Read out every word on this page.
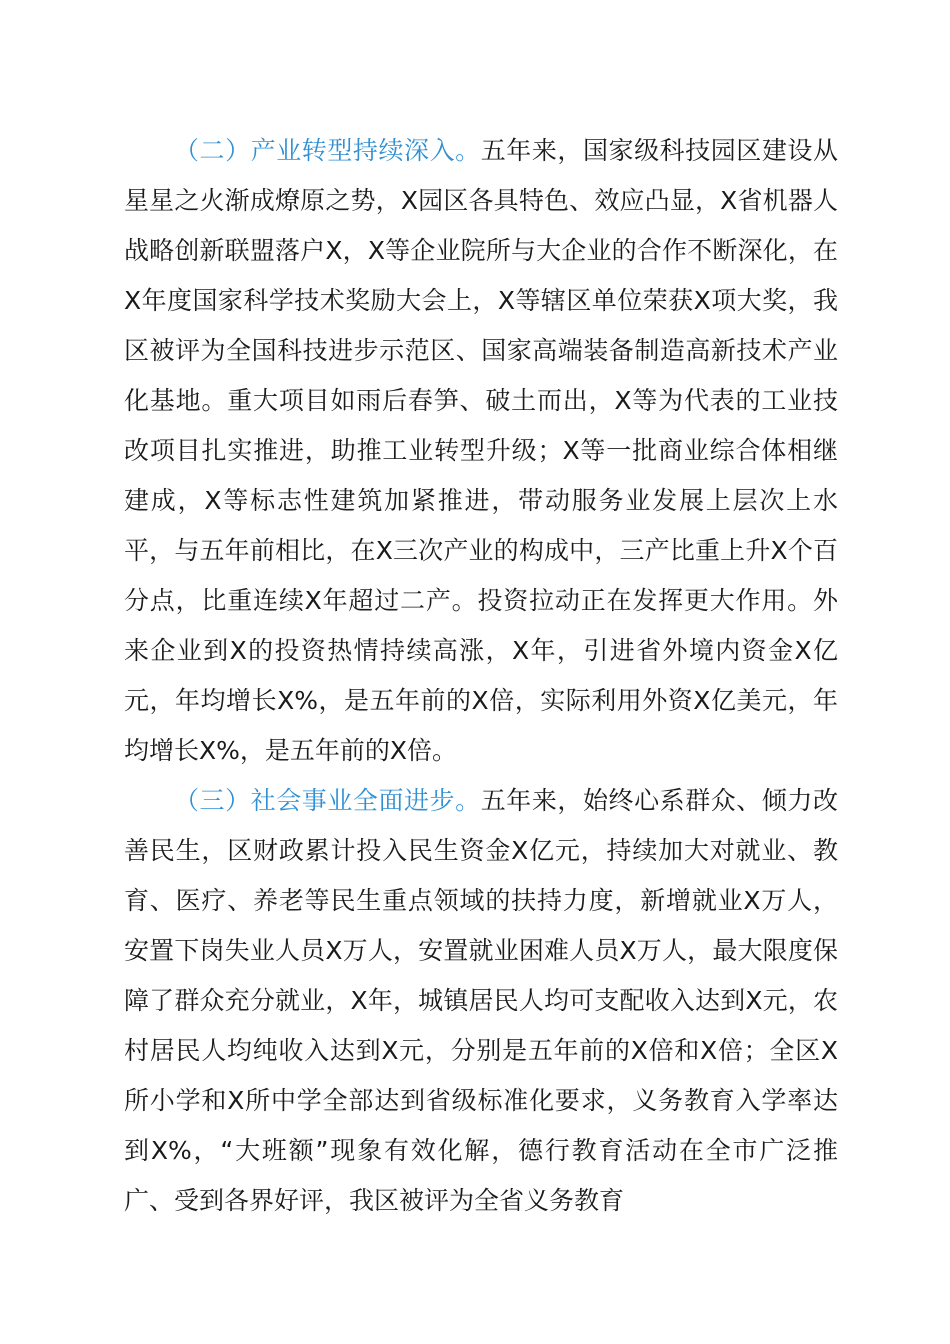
（二）产业转型持续深入。五年来，国家级科技园区建设从星星之火渐成燎原之势，X园区各具特色、效应凸显，X省机器人战略创新联盟落户X，X等企业院所与大企业的合作不断深化，在X年度国家科学技术奖励大会上，X等辖区单位荣获X项大奖，我区被评为全国科技进步示范区、国家高端装备制造高新技术产业化基地。重大项目如雨后春笋、破土而出，X等为代表的工业技改项目扎实推进，助推工业转型升级；X等一批商业综合体相继建成，X等标志性建筑加紧推进，带动服务业发展上层次上水平，与五年前相比，在X三次产业的构成中，三产比重上升X个百分点，比重连续X年超过二产。投资拉动正在发挥更大作用。外来企业到X的投资热情持续高涨，X年，引进省外境内资金X亿元，年均增长X%，是五年前的X倍，实际利用外资X亿美元，年均增长X%，是五年前的X倍。

（三）社会事业全面进步。五年来，始终心系群众、倾力改善民生，区财政累计投入民生资金X亿元，持续加大对就业、教育、医疗、养老等民生重点领域的扶持力度，新增就业X万人，安置下岗失业人员X万人，安置就业困难人员X万人，最大限度保障了群众充分就业，X年，城镇居民人均可支配收入达到X元，农村居民人均纯收入达到X元，分别是五年前的X倍和X倍；全区X所小学和X所中学全部达到省级标准化要求，义务教育入学率达到X%，“大班额”现象有效化解，德行教育活动在全市广泛推广、受到各界好评，我区被评为全省义务教育
